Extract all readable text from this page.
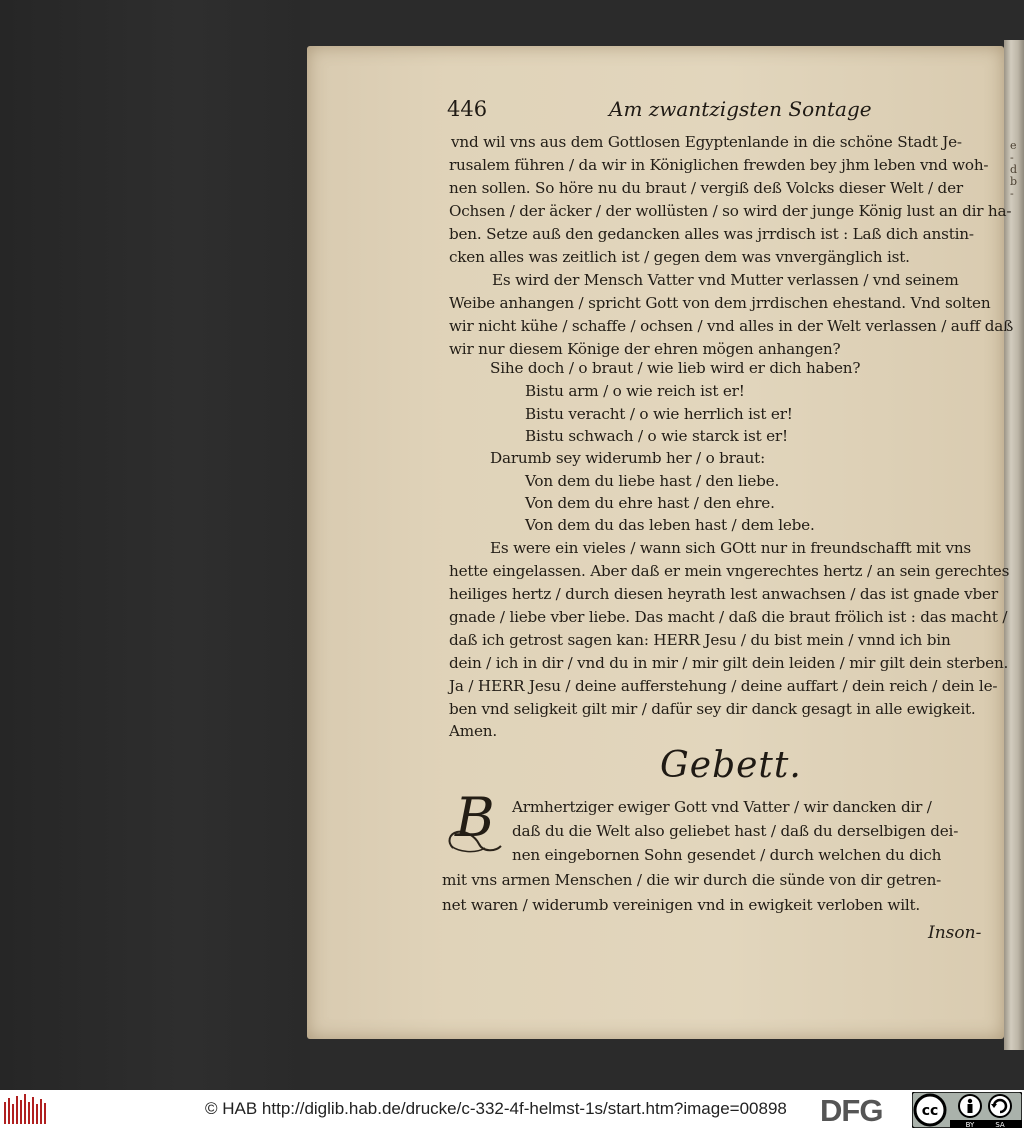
e
-
d
b
-
446	Am zwantzigsten Sontage
vnd wil vns aus dem Gottlosen Egyptenlande in die schöne Stadt Je-
rusalem führen / da wir in Königlichen frewden bey jhm leben vnd woh-
nen sollen. So höre nu du braut / vergiß deß Volcks dieser Welt / der
Ochsen / der äcker / der wollüsten / so wird der junge König lust an dir ha-
ben. Setze auß den gedancken alles was jrrdisch ist : Laß dich anstin-
cken alles was zeitlich ist / gegen dem was vnvergänglich ist.
Es wird der Mensch Vatter vnd Mutter verlassen / vnd seinem
Weibe anhangen / spricht Gott von dem jrrdischen ehestand. Vnd solten
wir nicht kühe / schaffe / ochsen / vnd alles in der Welt verlassen / auff daß
wir nur diesem Könige der ehren mögen anhangen?
Sihe doch / o braut / wie lieb wird er dich haben?
Bistu arm / o wie reich ist er!
Bistu veracht / o wie herrlich ist er!
Bistu schwach / o wie starck ist er!
Darumb sey widerumb her / o braut:
Von dem du liebe hast / den liebe.
Von dem du ehre hast / den ehre.
Von dem du das leben hast / dem lebe.
Es were ein vieles / wann sich GOtt nur in freundschafft mit vns
hette eingelassen. Aber daß er mein vngerechtes hertz / an sein gerechtes
heiliges hertz / durch diesen heyrath lest anwachsen / das ist gnade vber
gnade / liebe vber liebe. Das macht / daß die braut frölich ist : das macht /
daß ich getrost sagen kan: HERR Jesu / du bist mein / vnnd ich bin
dein / ich in dir / vnd du in mir / mir gilt dein leiden / mir gilt dein sterben.
Ja / HERR Jesu / deine aufferstehung / deine auffart / dein reich / dein le-
ben vnd seligkeit gilt mir / dafür sey dir danck gesagt in alle ewigkeit.
Amen.
Gebett.
B Armhertziger ewiger Gott vnd Vatter / wir dancken dir /
daß du die Welt also geliebet hast / daß du derselbigen dei-
nen eingebornen Sohn gesendet / durch welchen du dich
mit vns armen Menschen / die wir durch die sünde von dir getren-
net waren / widerumb vereinigen vnd in ewigkeit verloben wilt.
Inson-
© HAB http://diglib.hab.de/drucke/c-332-4f-helmst-1s/start.htm?image=00898 DFG	cc
BY	SA
